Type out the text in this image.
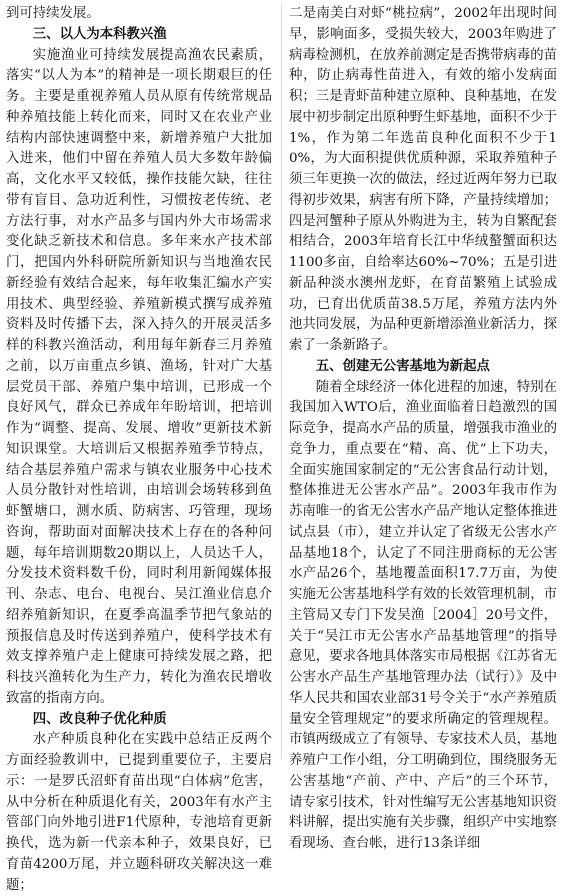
到可持续发展。

三、以人为本科教兴渔

实施渔业可持续发展提高渔农民素质，落实“以人为本”的精神是一项长期艰巨的任务。主要是重视养殖人员从原有传统常规品种养殖技能上转化而来，同时又在农业产业结构内部快速调整中来，新增养殖户大批加入进来，他们中留在养殖人员大多数年龄偏高，文化水平又较低，操作技能欠缺，往往带有盲目、急功近利性，习惯按老传统、老方法行事，对水产品多与国内外大市场需求变化缺乏新技术和信息。多年来水产技术部门，把国内外科研院所新知识与当地渔农民新经验有效结合起来，每年收集汇编水产实用技术、典型经验、养殖新模式撰写成养殖资料及时传播下去，深入持久的开展灵活多样的科教兴渔活动，利用每年新春三月养殖之前，以万亩重点乡镇、渔场，针对广大基层党员干部、养殖户集中培训，已形成一个良好风气，群众已养成年年盼培训，把培训作为“调整、提高、发展、增收”更新技术新知识课堂。大培训后又根据养殖季节特点，结合基层养殖户需求与镇农业服务中心技术人员分散针对性培训，由培训会场转移到鱼虾蟹塘口，测水质、防病害、巧管理，现场咨询，帮助面对面解决技术上存在的各种问题，每年培训期数20期以上，人员达千人，分发技术资料数千份，同时利用新闻媒体报刊、杂志、电台、电视台、吴江渔业信息介绍养殖新知识，在夏季高温季节把气象站的预报信息及时传送到养殖户，使科学技术有效支撑养殖户走上健康可持续发展之路，把科技兴渔转化为生产力，转化为渔农民增收致富的指南方向。

四、改良种子优化种质

水产种质良种化在实践中总结正反两个方面经验教训中，已提到重要位子，主要启示：一是罗氏沼虾育苗出现“白体病”危害，从中分析在种质退化有关，2003年有水产主管部门向外地引进F1代原种，专池培育更新换代，选为新一代亲本种子，效果良好，已育苗4200万尾，并立题科研攻关解决这一难题；

二是南美白对虾“桃拉病”，2002年出现时间早，影响面多，受损失较大，2003年购进了病毒检测机，在放养前测定是否携带病毒的苗种，防止病毒性苗进入，有效的缩小发病面积；三是青虾苗种建立原种、良种基地，在发展中初步制定出原种野生虾基地，面积不少于1%，作为第二年选苗良种化面积不少于10%，为大面积提供优质种源，采取养殖种子须三年更换一次的做法，经过近两年努力已取得初步效果，病害有所下降，产量持续增加；四是河蟹种子原从外购进为主，转为自繁配套相结合，2003年培育长江中华绒螯蟹面积达1100多亩，自给率达60%~70%；五是引进新品种淡水澳州龙虾，在育苗繁殖上试验成功，已育出优质苗38.5万尾，养殖方法内外池共同发展，为品种更新增添渔业新活力，探索了一条新路子。

五、创建无公害基地为新起点

随着全球经济一体化进程的加速，特别在我国加入WTO后，渔业面临着日趋激烈的国际竞争，提高水产品的质量，增强我市渔业的竞争力，重点要在“精、高、优”上下功夫，全面实施国家制定的“无公害食品行动计划，整体推进无公害水产品”。2003年我市作为苏南唯一的省无公害水产品产地认定整体推进试点县（市），建立并认定了省级无公害水产品基地18个，认定了不同注册商标的无公害水产品26个，基地覆盖面积17.7万亩，为使实施无公害基地科学有效的长效管理机制，市主管局又专门下发吴渔［2004］20号文件，关于“吴江市无公害水产品基地管理”的指导意见，要求各地具体落实市局根据《江苏省无公害水产品生产基地管理办法（试行）》及中华人民共和国农业部31号令关于“水产养殖质量安全管理规定”的要求所确定的管理规程。市镇两级成立了有领导、专家技术人员，基地养殖户工作小组，分工明确到位，围绕服务无公害基地“产前、产中、产后”的三个环节，请专家引技术，针对性编写无公害基地知识资料讲解，提出实施有关步骤，组织产中实地察看现场、查台帐，进行13条详细
